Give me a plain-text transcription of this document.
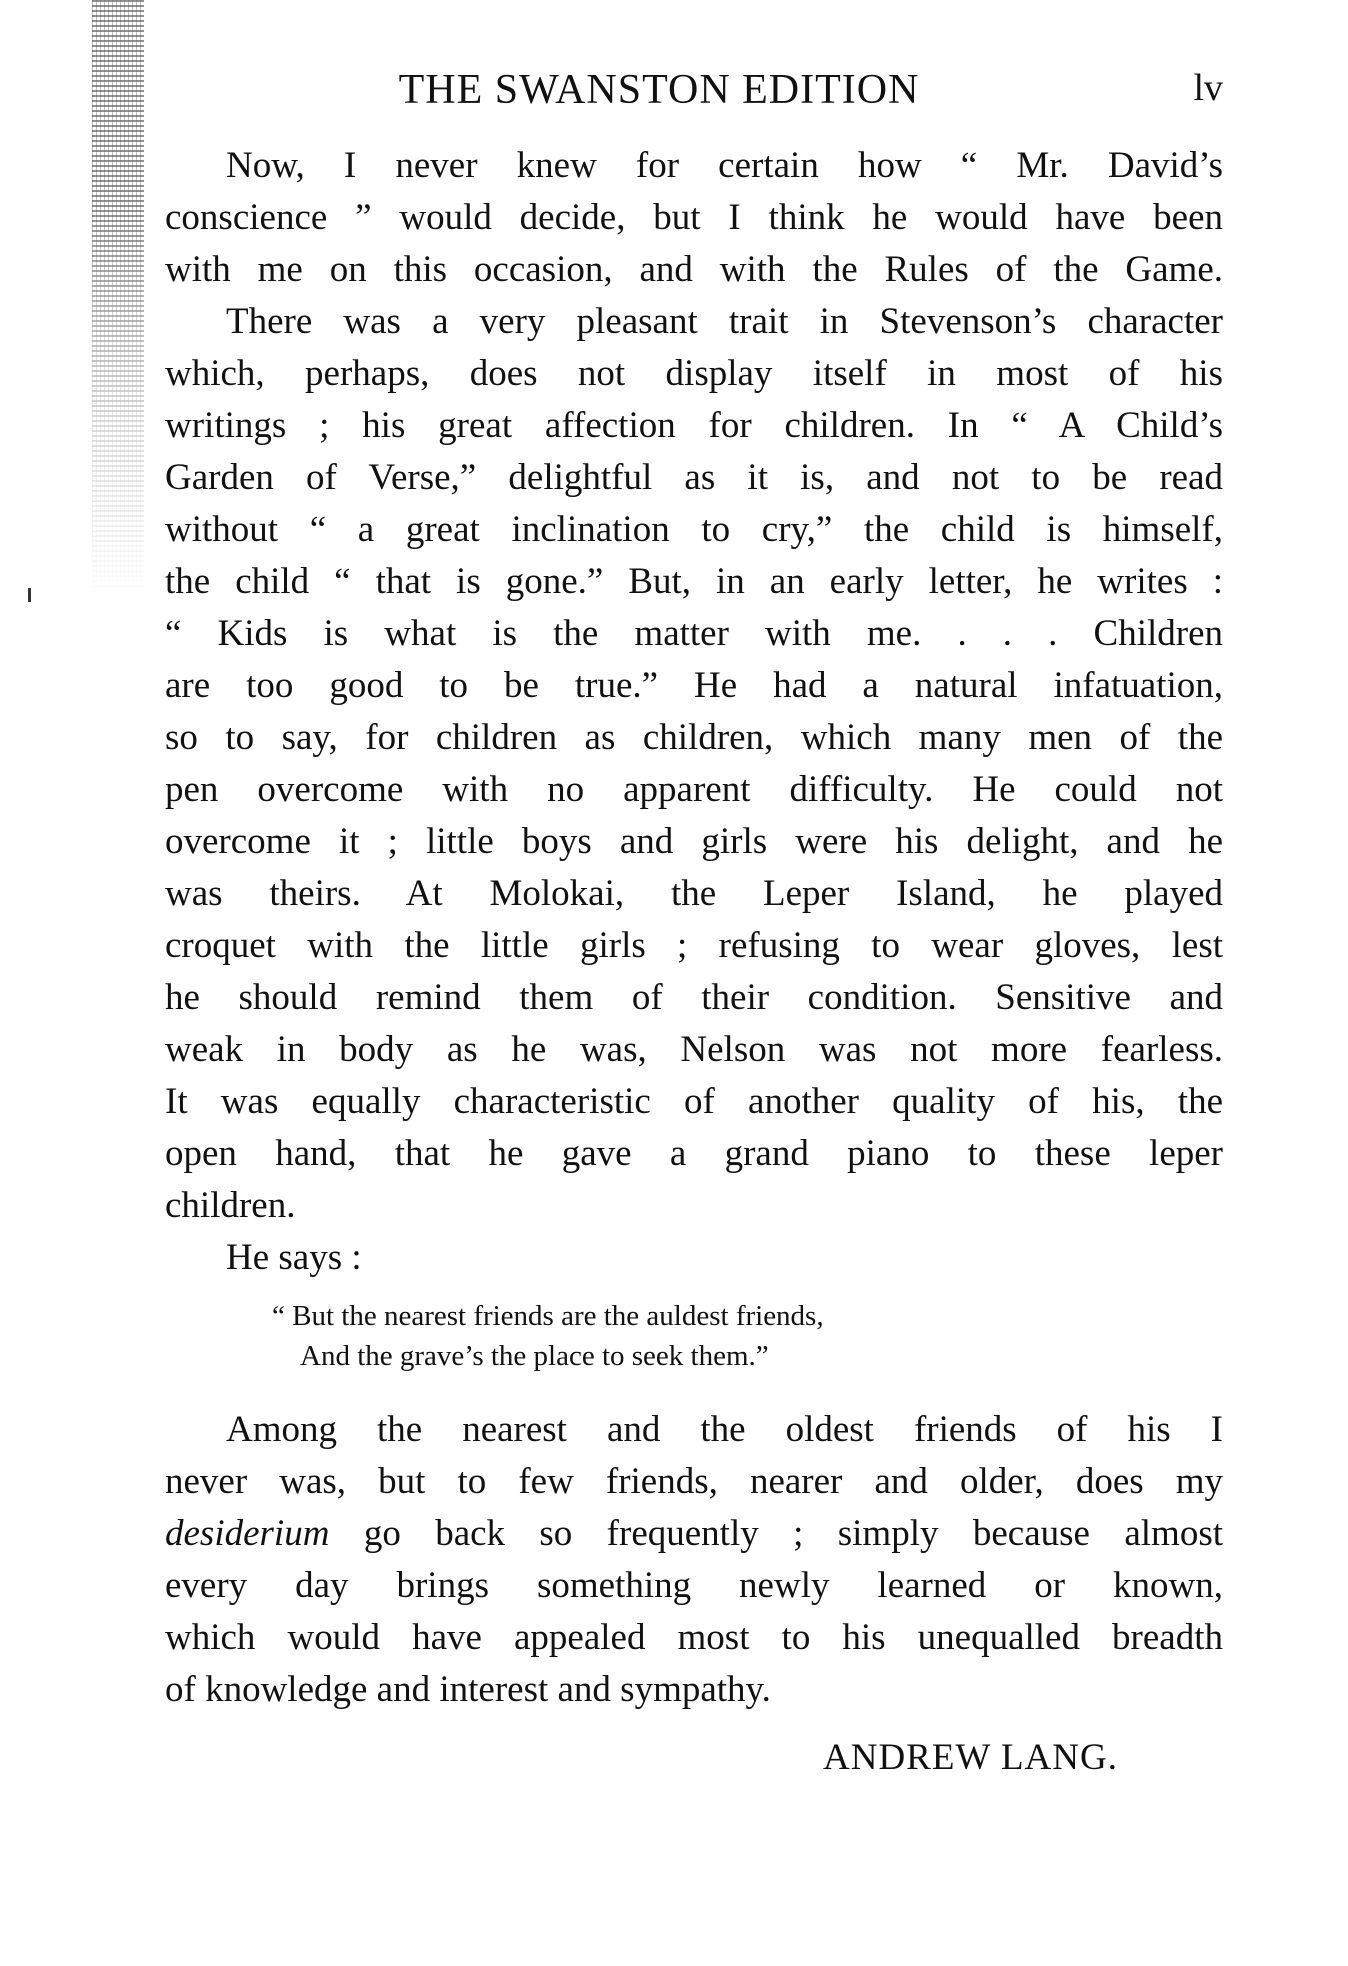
THE SWANSTON EDITION	lv
Now, I never knew for certain how “ Mr. David’s
conscience ” would decide, but I think he would have been
with me on this occasion, and with the Rules of the Game.
There was a very pleasant trait in Stevenson’s character
which, perhaps, does not display itself in most of his
writings ; his great affection for children. In “ A Child’s
Garden of Verse,” delightful as it is, and not to be read
without “ a great inclination to cry,” the child is himself,
the child “ that is gone.” But, in an early letter, he writes :
“ Kids is what is the matter with me. . . . Children
are too good to be true.” He had a natural infatuation,
so to say, for children as children, which many men of the
pen overcome with no apparent difficulty. He could not
overcome it ; little boys and girls were his delight, and he
was theirs. At Molokai, the Leper Island, he played
croquet with the little girls ; refusing to wear gloves, lest
he should remind them of their condition. Sensitive and
weak in body as he was, Nelson was not more fearless.
It was equally characteristic of another quality of his, the
open hand, that he gave a grand piano to these leper
children.
He says :
“ But the nearest friends are the auldest friends,
And the grave’s the place to seek them.”
Among the nearest and the oldest friends of his I
never was, but to few friends, nearer and older, does my
desiderium go back so frequently ; simply because almost
every day brings something newly learned or known,
which would have appealed most to his unequalled breadth
of knowledge and interest and sympathy.
ANDREW LANG.
